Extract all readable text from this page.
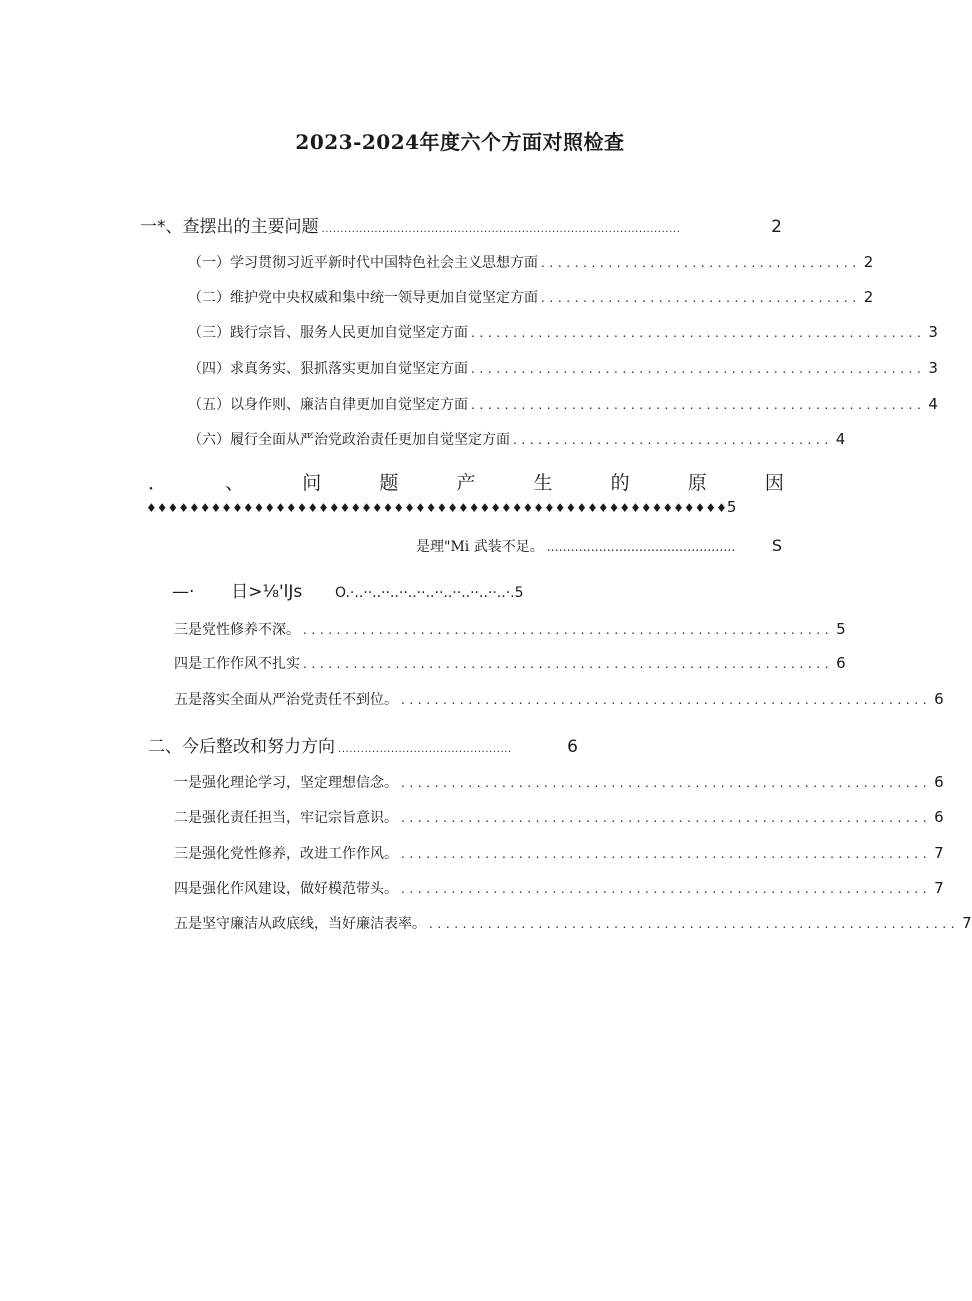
2023-2024年度六个方面对照检查
一*、查摆出的主要问题 ...............................................................................................	2
（一）学习贯彻习近平新时代中国特色社会主义思想方面 ...................................... 2
（二）维护党中央权威和集中统一领导更加自觉坚定方面 ...................................... 2
（三）践行宗旨、服务人民更加自觉坚定方面 ...................................................... 3
（四）求真务实、狠抓落实更加自觉坚定方面 ...................................................... 3
（五）以身作则、廉洁自律更加自觉坚定方面 ...................................................... 4
（六）履行全面从严治党政治责任更加自觉坚定方面 ...................................... 4
．	、	问	题	产	生	的	原	因
♦♦♦♦♦♦♦♦♦♦♦♦♦♦♦♦♦♦♦♦♦♦♦♦♦♦♦♦♦♦♦♦♦♦♦♦♦♦♦♦♦♦♦♦♦♦♦♦♦♦♦♦♦♦5
是理"Mi 武装不足。 ...............................................	S
—· 日>⅛'lJs O.·..··..··..··..··..··..··..··..··..·.5
三是党性修养不深。 ............................................................... 5
四是工作作风不扎实 ............................................................... 6
五是落实全面从严治党责任不到位。 ............................................................... 6
⼆、今后整改和努力方向 ..............................................	6
一是强化理论学习，坚定理想信念。 ............................................................... 6
二是强化责任担当，牢记宗旨意识。 ............................................................... 6
三是强化党性修养，改进工作作风。 ............................................................... 7
四是强化作风建设，做好模范带头。 ............................................................... 7
五是坚守廉洁从政底线，当好廉洁表率。 ............................................................... 7
